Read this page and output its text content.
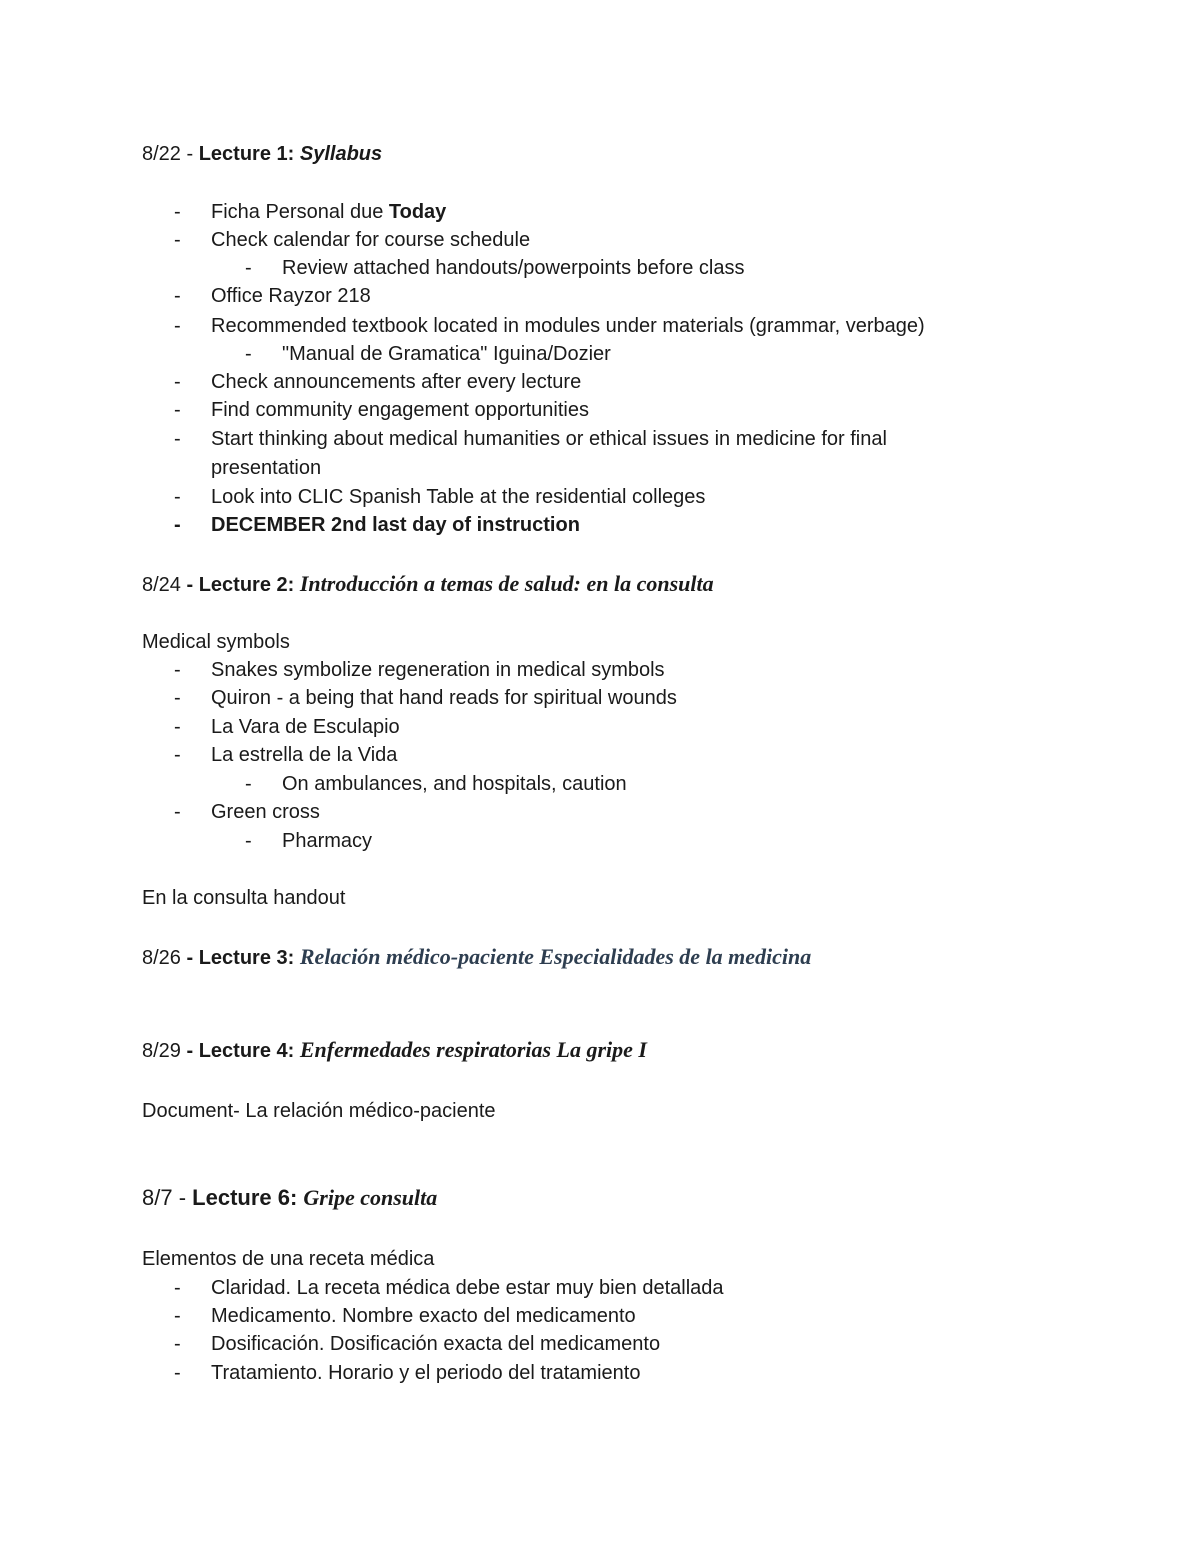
8/22 - Lecture 1: Syllabus
- Ficha Personal due Today
- Check calendar for course schedule
- Review attached handouts/powerpoints before class
- Office Rayzor 218
- Recommended textbook located in modules under materials (grammar, verbage)
- "Manual de Gramatica" Iguina/Dozier
- Check announcements after every lecture
- Find community engagement opportunities
- Start thinking about medical humanities or ethical issues in medicine for final
presentation
- Look into CLIC Spanish Table at the residential colleges
- DECEMBER 2nd last day of instruction
8/24 - Lecture 2: Introducción a temas de salud: en la consulta
Medical symbols
- Snakes symbolize regeneration in medical symbols
- Quiron - a being that hand reads for spiritual wounds
- La Vara de Esculapio
- La estrella de la Vida
- On ambulances, and hospitals, caution
- Green cross
- Pharmacy
En la consulta handout
8/26 - Lecture 3: Relación médico-paciente Especialidades de la medicina
8/29 - Lecture 4: Enfermedades respiratorias La gripe I
Document- La relación médico-paciente
8/7 - Lecture 6: Gripe consulta
Elementos de una receta médica
- Claridad. La receta médica debe estar muy bien detallada
- Medicamento. Nombre exacto del medicamento
- Dosificación. Dosificación exacta del medicamento
- Tratamiento. Horario y el periodo del tratamiento
